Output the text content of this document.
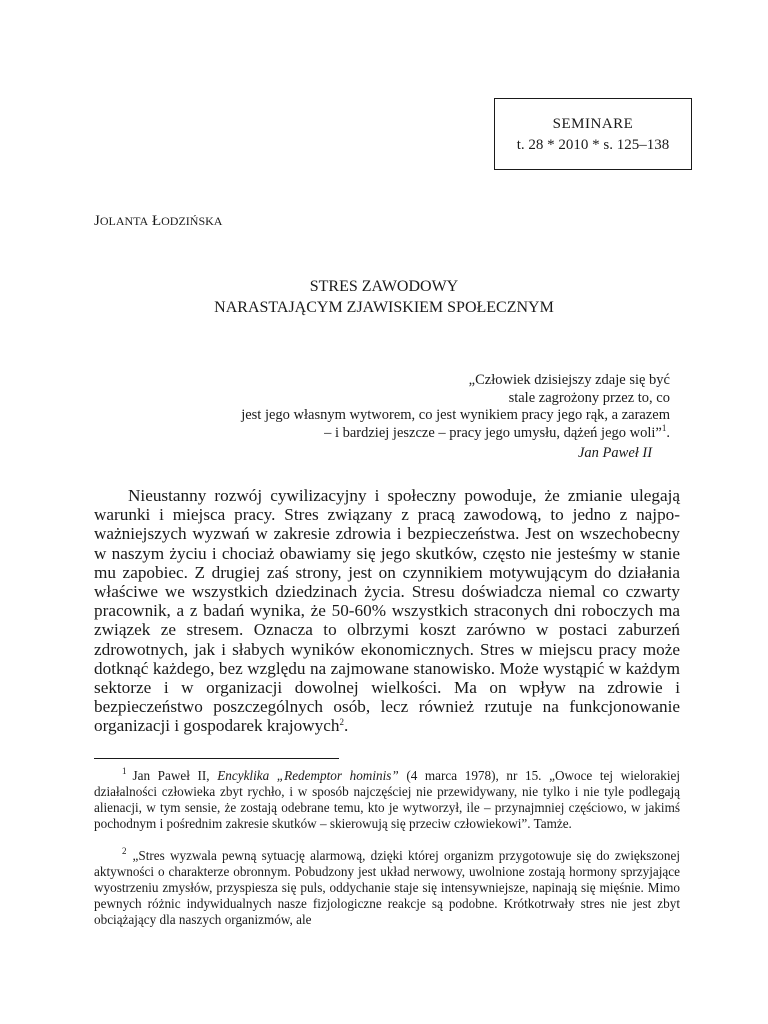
SEMINARE
t. 28 * 2010 * s. 125–138
JOLANTA ŁODZIŃSKA
STRES ZAWODOWY
NARASTAJĄCYM ZJAWISKIEM SPOŁECZNYM
„Człowiek dzisiejszy zdaje się być
stale zagrożony przez to, co
jest jego własnym wytworem, co jest wynikiem pracy jego rąk, a zarazem
– i bardziej jeszcze – pracy jego umysłu, dążeń jego woli”$^1$.
Jan Paweł II

Nieustanny rozwój cywilizacyjny i społeczny powoduje, że zmianie ulegają warunki i miejsca pracy. Stres związany z pracą zawodową, to jedno z najpoważniejszych wyzwań w zakresie zdrowia i bezpieczeństwa. Jest on wszechobecny w naszym życiu i chociaż obawiamy się jego skutków, często nie jesteśmy w stanie mu zapobiec. Z drugiej zaś strony, jest on czynnikiem motywującym do działania właściwe we wszystkich dziedzinach życia. Stresu doświadcza niemal co czwarty pracownik, a z badań wynika, że 50-60% wszystkich straconych dni roboczych ma związek ze stresem. Oznacza to olbrzymi koszt zarówno w postaci zaburzeń zdrowotnych, jak i słabych wyników ekonomicznych. Stres w miejscu pracy może dotknąć każdego, bez względu na zajmowane stanowisko. Może wystąpić w każdym sektorze i w organizacji dowolnej wielkości. Ma on wpływ na zdrowie i bezpieczeństwo poszczególnych osób, lecz również rzutuje na funkcjonowanie organizacji i gospodarek krajowych$^2$.

$^1$ Jan Paweł II, Encyklika „Redemptor hominis” (4 marca 1978), nr 15. „Owoce tej wielorakiej działalności człowieka zbyt rychło, i w sposób najczęściej nie przewidywany, nie tylko i nie tyle podlegają alienacji, w tym sensie, że zostają odebrane temu, kto je wytworzył, ile – przynajmniej częściowo, w jakimś pochodnym i pośrednim zakresie skutków – skierowują się przeciw człowiekowi”. Tamże.

$^2$ „Stres wyzwala pewną sytuację alarmową, dzięki której organizm przygotowuje się do zwiększonej aktywności o charakterze obronnym. Pobudzony jest układ nerwowy, uwolnione zostają hormony sprzyjające wyostrzeniu zmysłów, przyspiesza się puls, oddychanie staje się intensywniejsze, napinają się mięśnie. Mimo pewnych różnic indywidualnych nasze fizjologiczne reakcje są podobne. Krótkotrwały stres nie jest zbyt obciążający dla naszych organizmów, ale
